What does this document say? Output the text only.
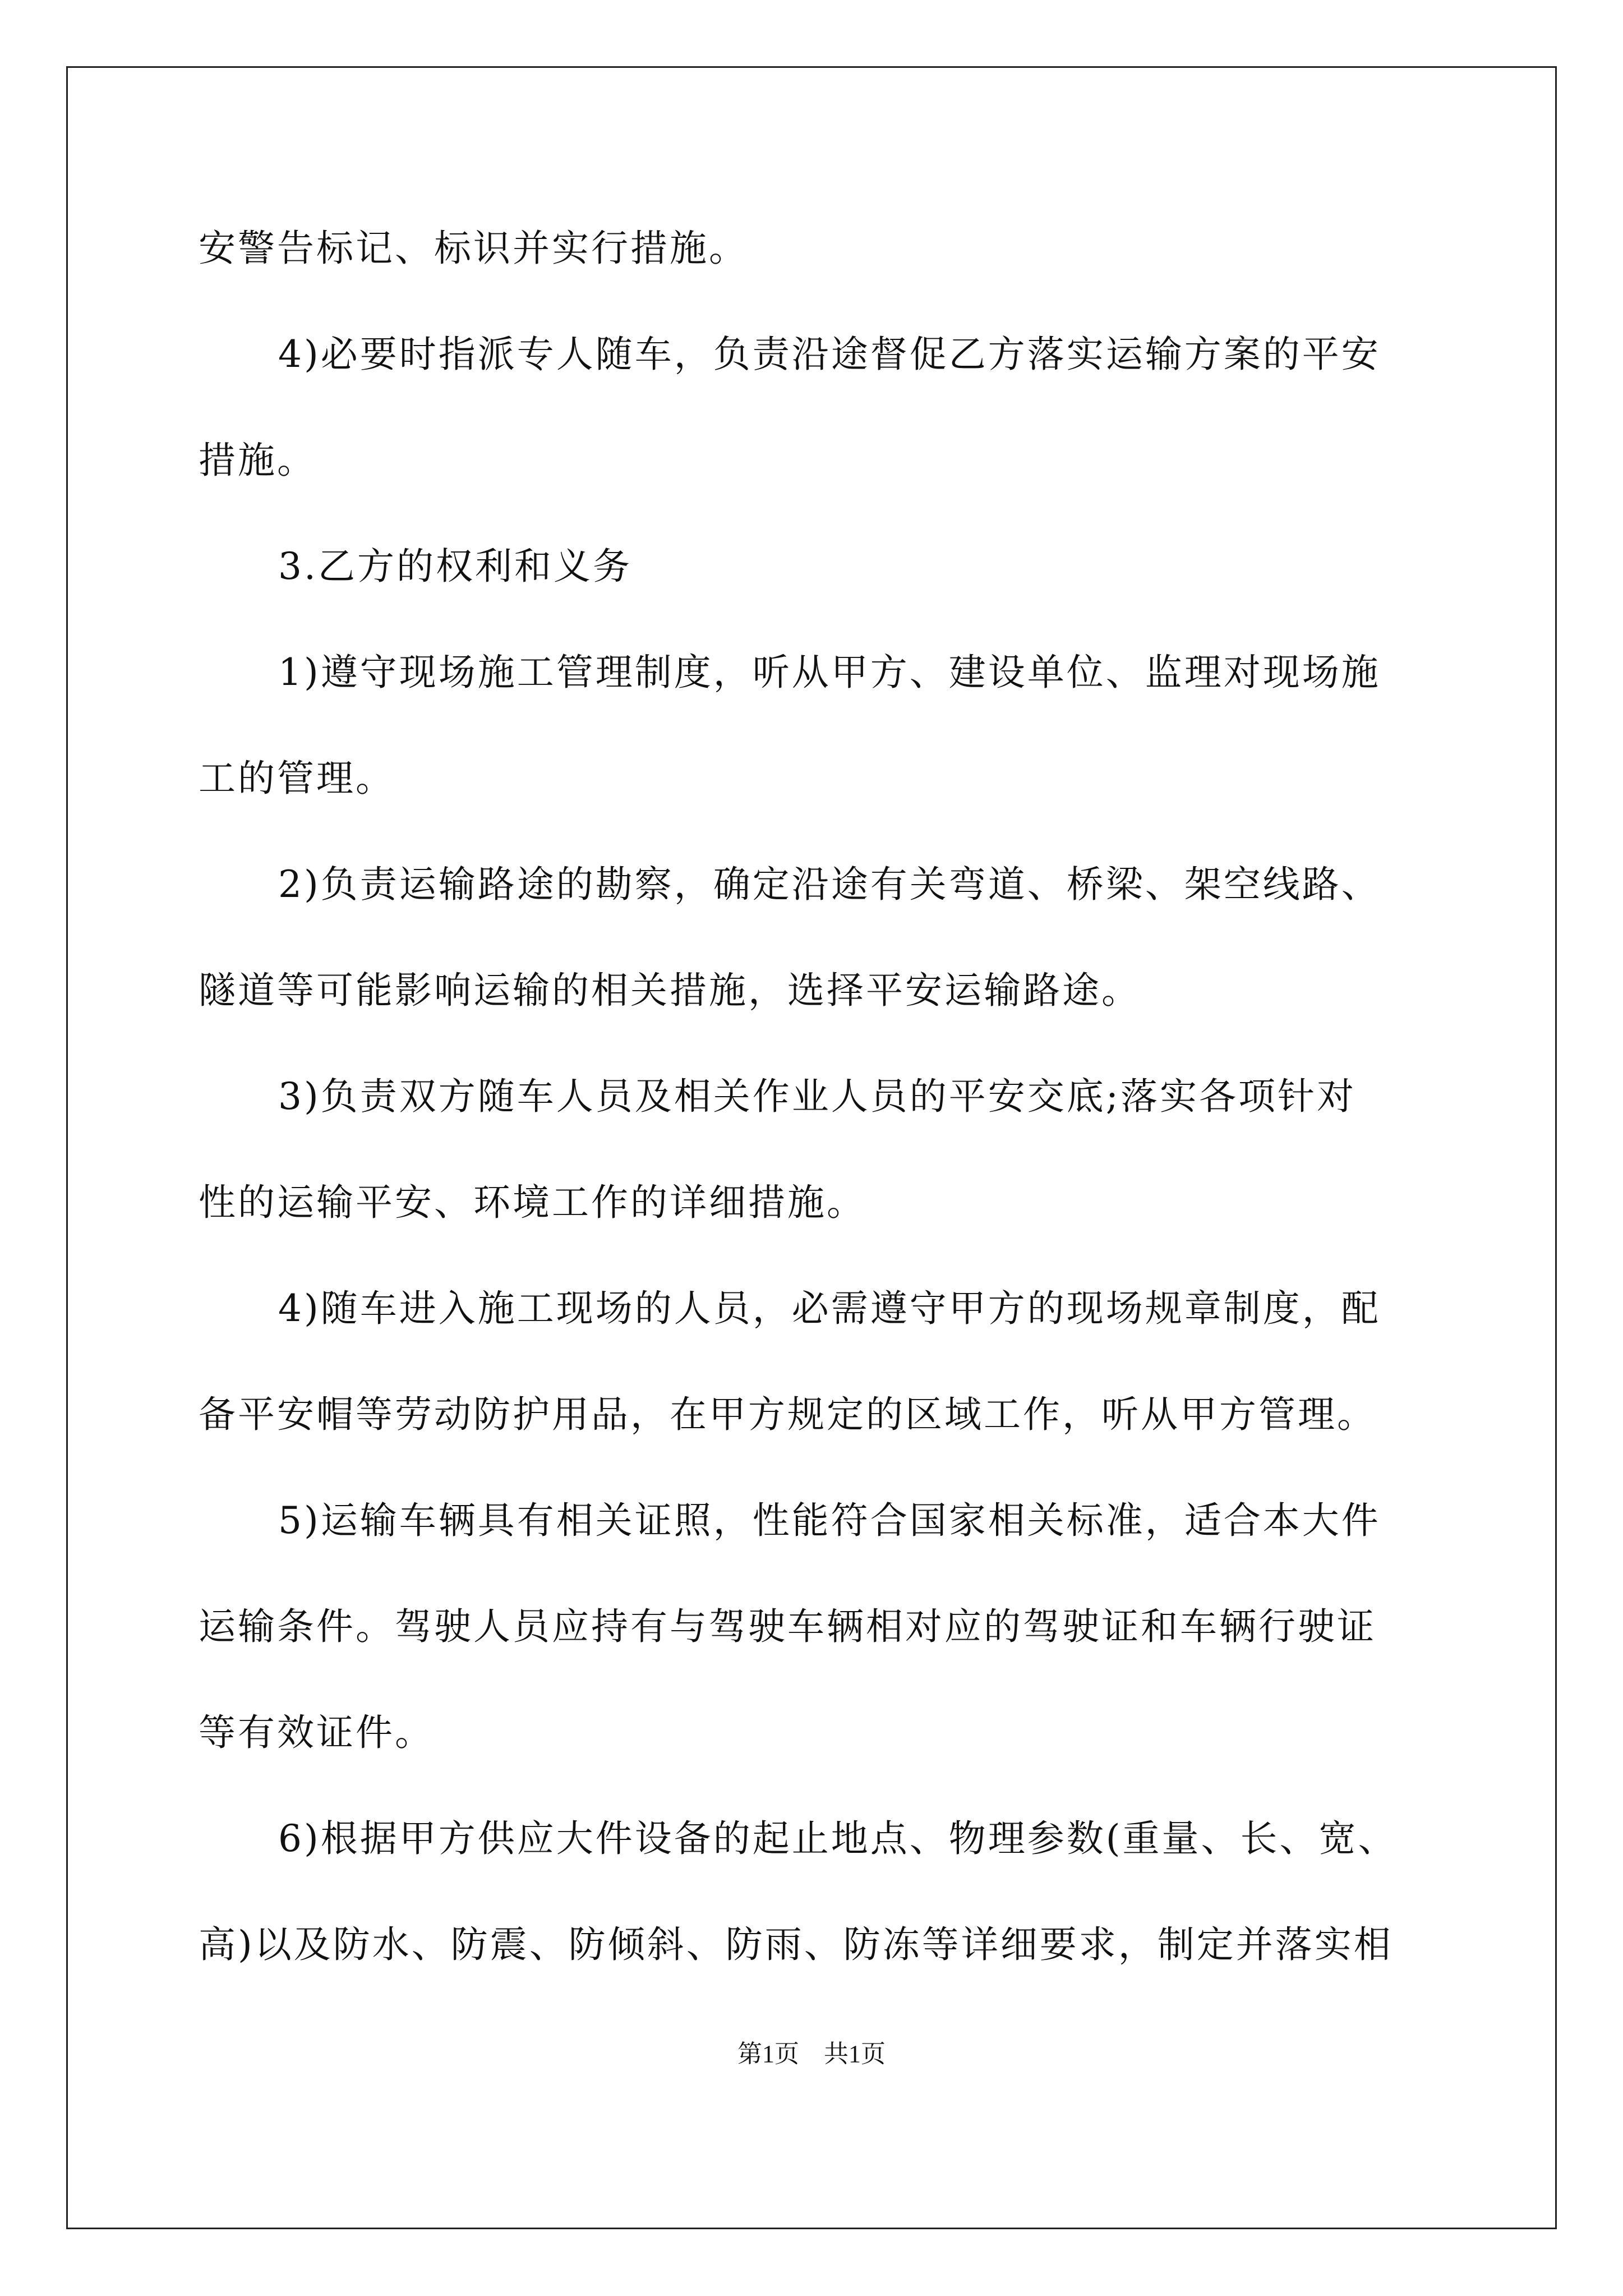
安警告标记、标识并实行措施。

4)必要时指派专人随车，负责沿途督促乙方落实运输方案的平安

措施。

3.乙方的权利和义务

1)遵守现场施工管理制度，听从甲方、建设单位、监理对现场施

工的管理。

2)负责运输路途的勘察，确定沿途有关弯道、桥梁、架空线路、

隧道等可能影响运输的相关措施，选择平安运输路途。

3)负责双方随车人员及相关作业人员的平安交底;落实各项针对

性的运输平安、环境工作的详细措施。

4)随车进入施工现场的人员，必需遵守甲方的现场规章制度，配

备平安帽等劳动防护用品，在甲方规定的区域工作，听从甲方管理。

5)运输车辆具有相关证照，性能符合国家相关标准，适合本大件

运输条件。驾驶人员应持有与驾驶车辆相对应的驾驶证和车辆行驶证

等有效证件。

6)根据甲方供应大件设备的起止地点、物理参数(重量、长、宽、

高)以及防水、防震、防倾斜、防雨、防冻等详细要求，制定并落实相

第1页　共1页
